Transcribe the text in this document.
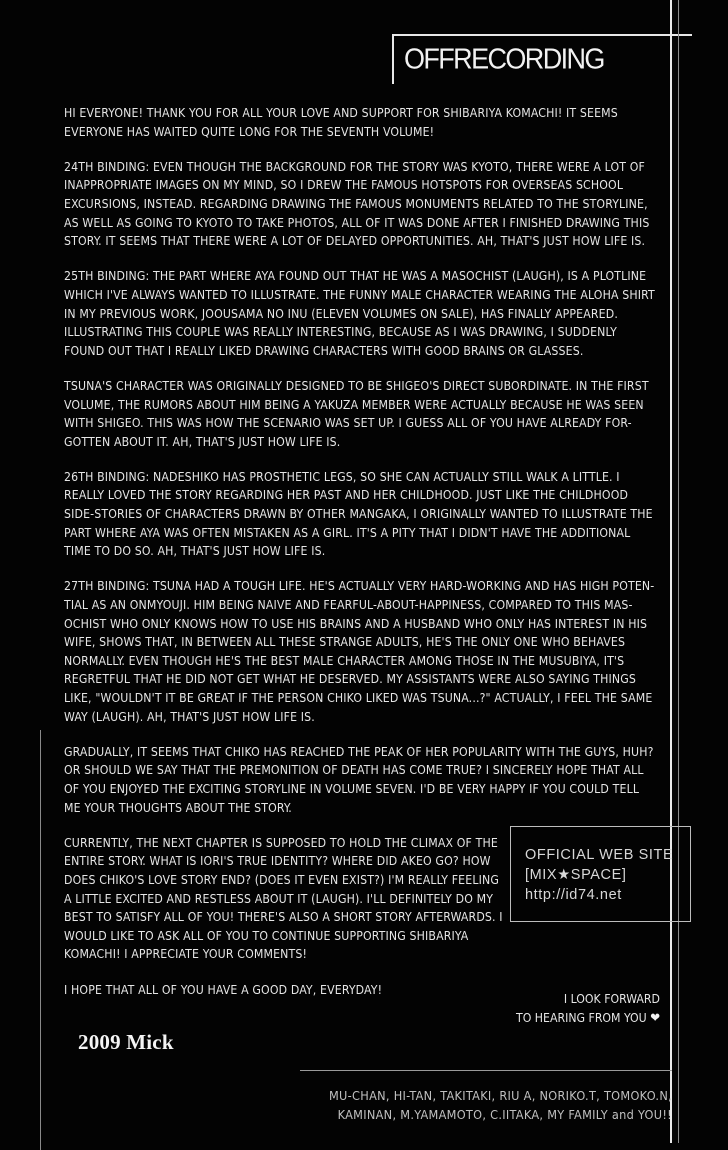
OFFRECORDING

HI EVERYONE! THANK YOU FOR ALL YOUR LOVE AND SUPPORT FOR SHIBARIYA KOMACHI! IT SEEMS EVERYONE HAS WAITED QUITE LONG FOR THE SEVENTH VOLUME!

24TH BINDING: EVEN THOUGH THE BACKGROUND FOR THE STORY WAS KYOTO, THERE WERE A LOT OF INAPPROPRIATE IMAGES ON MY MIND, SO I DREW THE FAMOUS HOTSPOTS FOR OVERSEAS SCHOOL EXCURSIONS, INSTEAD. REGARDING DRAWING THE FAMOUS MONUMENTS RELATED TO THE STORYLINE, AS WELL AS GOING TO KYOTO TO TAKE PHOTOS, ALL OF IT WAS DONE AFTER I FINISHED DRAWING THIS STORY. IT SEEMS THAT THERE WERE A LOT OF DELAYED OPPORTUNITIES. AH, THAT'S JUST HOW LIFE IS.

25TH BINDING: THE PART WHERE AYA FOUND OUT THAT HE WAS A MASOCHIST (LAUGH), IS A PLOTLINE WHICH I'VE ALWAYS WANTED TO ILLUSTRATE. THE FUNNY MALE CHARACTER WEARING THE ALOHA SHIRT IN MY PREVIOUS WORK, JOOUSAMA NO INU (ELEVEN VOLUMES ON SALE), HAS FINALLY APPEARED. ILLUSTRATING THIS COUPLE WAS REALLY INTERESTING, BECAUSE AS I WAS DRAWING, I SUDDENLY FOUND OUT THAT I REALLY LIKED DRAWING CHARACTERS WITH GOOD BRAINS OR GLASSES.

TSUNA'S CHARACTER WAS ORIGINALLY DESIGNED TO BE SHIGEO'S DIRECT SUBORDINATE. IN THE FIRST VOLUME, THE RUMORS ABOUT HIM BEING A YAKUZA MEMBER WERE ACTUALLY BECAUSE HE WAS SEEN WITH SHIGEO. THIS WAS HOW THE SCENARIO WAS SET UP. I GUESS ALL OF YOU HAVE ALREADY FOR-GOTTEN ABOUT IT. AH, THAT'S JUST HOW LIFE IS.

26TH BINDING: NADESHIKO HAS PROSTHETIC LEGS, SO SHE CAN ACTUALLY STILL WALK A LITTLE. I REALLY LOVED THE STORY REGARDING HER PAST AND HER CHILDHOOD. JUST LIKE THE CHILDHOOD SIDE-STORIES OF CHARACTERS DRAWN BY OTHER MANGAKA, I ORIGINALLY WANTED TO ILLUSTRATE THE PART WHERE AYA WAS OFTEN MISTAKEN AS A GIRL. IT'S A PITY THAT I DIDN'T HAVE THE ADDITIONAL TIME TO DO SO. AH, THAT'S JUST HOW LIFE IS.

27TH BINDING: TSUNA HAD A TOUGH LIFE. HE'S ACTUALLY VERY HARD-WORKING AND HAS HIGH POTEN-TIAL AS AN ONMYOUJI. HIM BEING NAIVE AND FEARFUL-ABOUT-HAPPINESS, COMPARED TO THIS MAS-OCHIST WHO ONLY KNOWS HOW TO USE HIS BRAINS AND A HUSBAND WHO ONLY HAS INTEREST IN HIS WIFE, SHOWS THAT, IN BETWEEN ALL THESE STRANGE ADULTS, HE'S THE ONLY ONE WHO BEHAVES NORMALLY. EVEN THOUGH HE'S THE BEST MALE CHARACTER AMONG THOSE IN THE MUSUBIYA, IT'S REGRETFUL THAT HE DID NOT GET WHAT HE DESERVED. MY ASSISTANTS WERE ALSO SAYING THINGS LIKE, "WOULDN'T IT BE GREAT IF THE PERSON CHIKO LIKED WAS TSUNA...?" ACTUALLY, I FEEL THE SAME WAY (LAUGH). AH, THAT'S JUST HOW LIFE IS.

GRADUALLY, IT SEEMS THAT CHIKO HAS REACHED THE PEAK OF HER POPULARITY WITH THE GUYS, HUH? OR SHOULD WE SAY THAT THE PREMONITION OF DEATH HAS COME TRUE? I SINCERELY HOPE THAT ALL OF YOU ENJOYED THE EXCITING STORYLINE IN VOLUME SEVEN. I'D BE VERY HAPPY IF YOU COULD TELL ME YOUR THOUGHTS ABOUT THE STORY.

CURRENTLY, THE NEXT CHAPTER IS SUPPOSED TO HOLD THE CLIMAX OF THE ENTIRE STORY. WHAT IS IORI'S TRUE IDENTITY? WHERE DID AKEO GO? HOW DOES CHIKO'S LOVE STORY END? (DOES IT EVEN EXIST?) I'M REALLY FEELING A LITTLE EXCITED AND RESTLESS ABOUT IT (LAUGH). I'LL DEFINITELY DO MY BEST TO SATISFY ALL OF YOU! THERE'S ALSO A SHORT STORY AFTERWARDS. I WOULD LIKE TO ASK ALL OF YOU TO CONTINUE SUPPORTING SHIBARIYA KOMACHI! I APPRECIATE YOUR COMMENTS!

I HOPE THAT ALL OF YOU HAVE A GOOD DAY, EVERYDAY!

OFFICIAL WEB SITE
[MIX★SPACE]
http://id74.net
I LOOK FORWARD
TO HEARING FROM YOU ❤
2009 Mick
MU-CHAN, HI-TAN, TAKITAKI, RIU A, NORIKO.T, TOMOKO.N,
KAMINAN, M.YAMAMOTO, C.IITAKA, MY FAMILY and YOU!!
